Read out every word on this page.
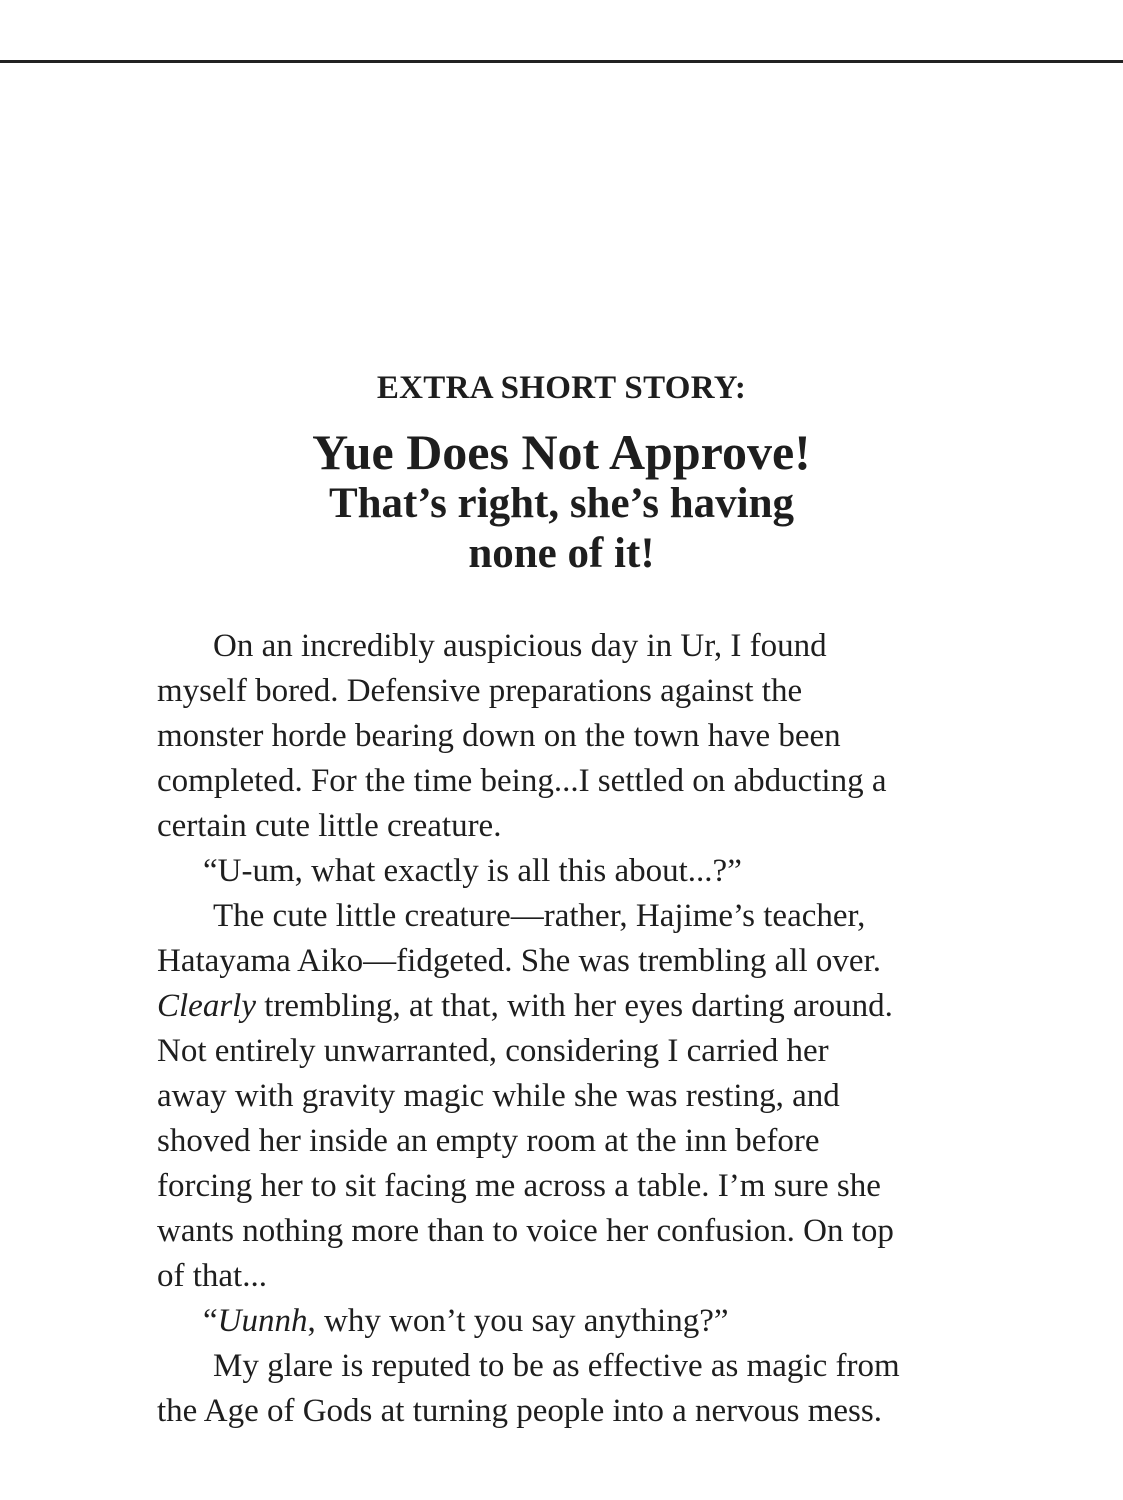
EXTRA SHORT STORY:
Yue Does Not Approve!
That’s right, she’s having
none of it!
On an incredibly auspicious day in Ur, I found
myself bored. Defensive preparations against the
monster horde bearing down on the town have been
completed. For the time being...I settled on abducting a
certain cute little creature.
“U-um, what exactly is all this about...?”
The cute little creature—rather, Hajime’s teacher,
Hatayama Aiko—fidgeted. She was trembling all over.
Clearly trembling, at that, with her eyes darting around.
Not entirely unwarranted, considering I carried her
away with gravity magic while she was resting, and
shoved her inside an empty room at the inn before
forcing her to sit facing me across a table. I’m sure she
wants nothing more than to voice her confusion. On top
of that...
“Uunnh, why won’t you say anything?”
My glare is reputed to be as effective as magic from
the Age of Gods at turning people into a nervous mess.
